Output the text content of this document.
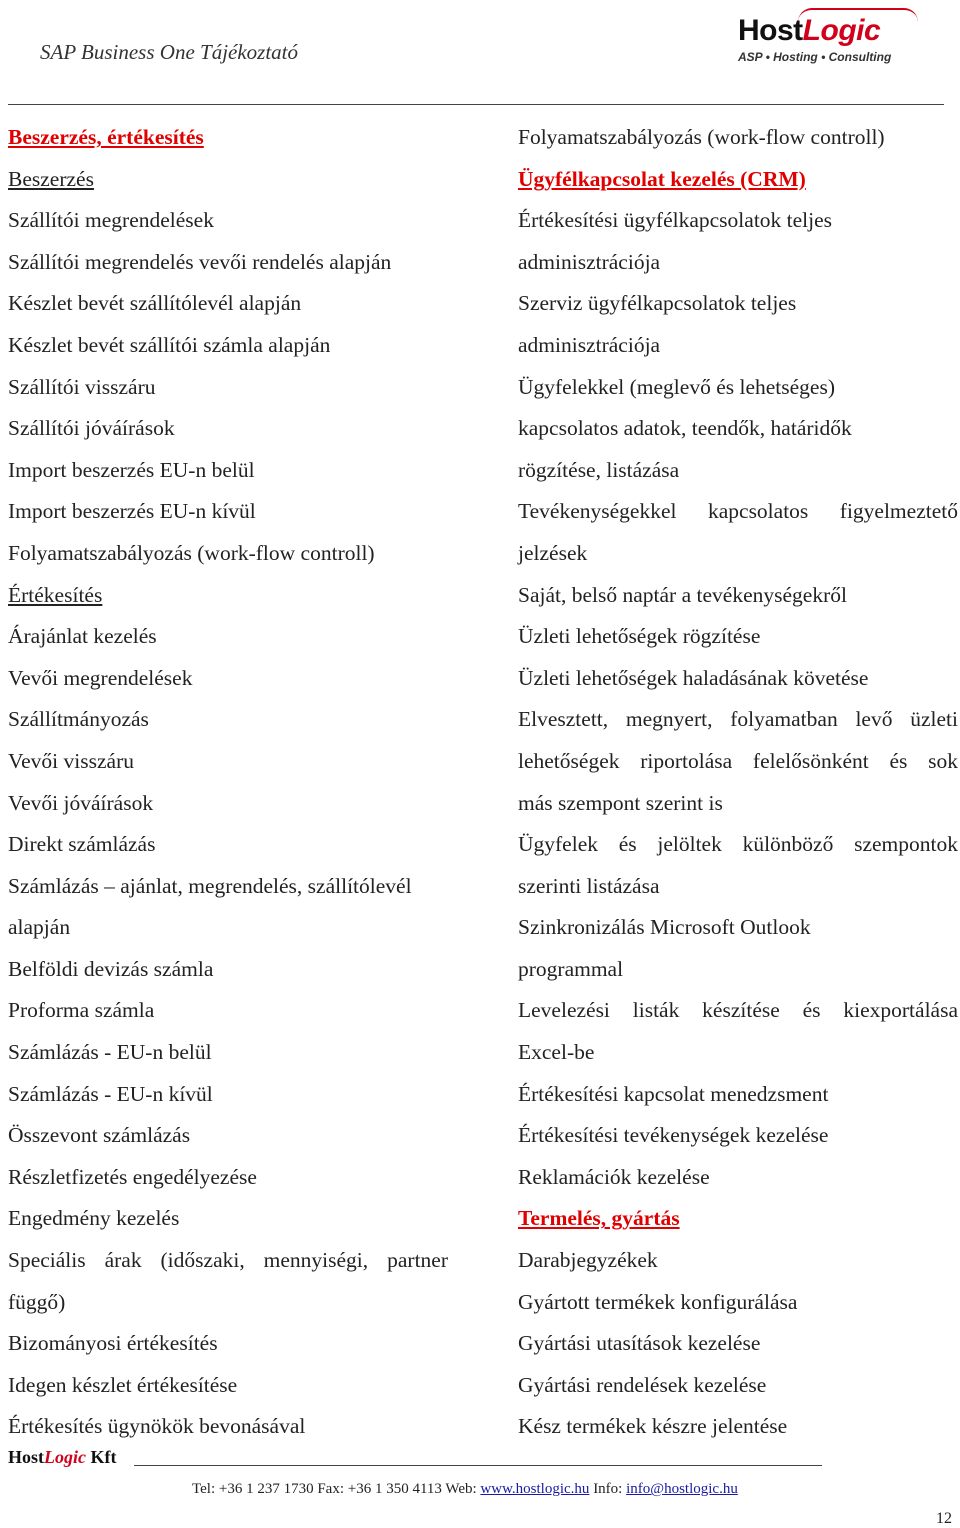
SAP Business One Tájékoztató
HostLogic
ASP • Hosting • Consulting
Beszerzés, értékesítés
Beszerzés
Szállítói megrendelések
Szállítói megrendelés vevői rendelés alapján
Készlet bevét szállítólevél alapján
Készlet bevét szállítói számla alapján
Szállítói visszáru
Szállítói jóváírások
Import beszerzés EU-n belül
Import beszerzés EU-n kívül
Folyamatszabályozás (work-flow controll)
Értékesítés
Árajánlat kezelés
Vevői megrendelések
Szállítmányozás
Vevői visszáru
Vevői jóváírások
Direkt számlázás
Számlázás – ajánlat, megrendelés, szállítólevél
alapján
Belföldi devizás számla
Proforma számla
Számlázás - EU-n belül
Számlázás - EU-n kívül
Összevont számlázás
Részletfizetés engedélyezése
Engedmény kezelés
Speciális árak (időszaki, mennyiségi, partner
függő)
Bizományosi értékesítés
Idegen készlet értékesítése
Értékesítés ügynökök bevonásával
Folyamatszabályozás (work-flow controll)
Ügyfélkapcsolat kezelés (CRM)
Értékesítési ügyfélkapcsolatok teljes
adminisztrációja
Szerviz ügyfélkapcsolatok teljes
adminisztrációja
Ügyfelekkel (meglevő és lehetséges)
kapcsolatos adatok, teendők, határidők
rögzítése, listázása
Tevékenységekkel kapcsolatos figyelmeztető
jelzések
Saját, belső naptár a tevékenységekről
Üzleti lehetőségek rögzítése
Üzleti lehetőségek haladásának követése
Elvesztett, megnyert, folyamatban levő üzleti
lehetőségek riportolása felelősönként és sok
más szempont szerint is
Ügyfelek és jelöltek különböző szempontok
szerinti listázása
Szinkronizálás Microsoft Outlook
programmal
Levelezési listák készítése és kiexportálása
Excel-be
Értékesítési kapcsolat menedzsment
Értékesítési tevékenységek kezelése
Reklamációk kezelése
Termelés, gyártás
Darabjegyzékek
Gyártott termékek konfigurálása
Gyártási utasítások kezelése
Gyártási rendelések kezelése
Kész termékek készre jelentése
HostLogic Kft
Tel: +36 1 237 1730 Fax: +36 1 350 4113 Web: www.hostlogic.hu Info: info@hostlogic.hu
12
